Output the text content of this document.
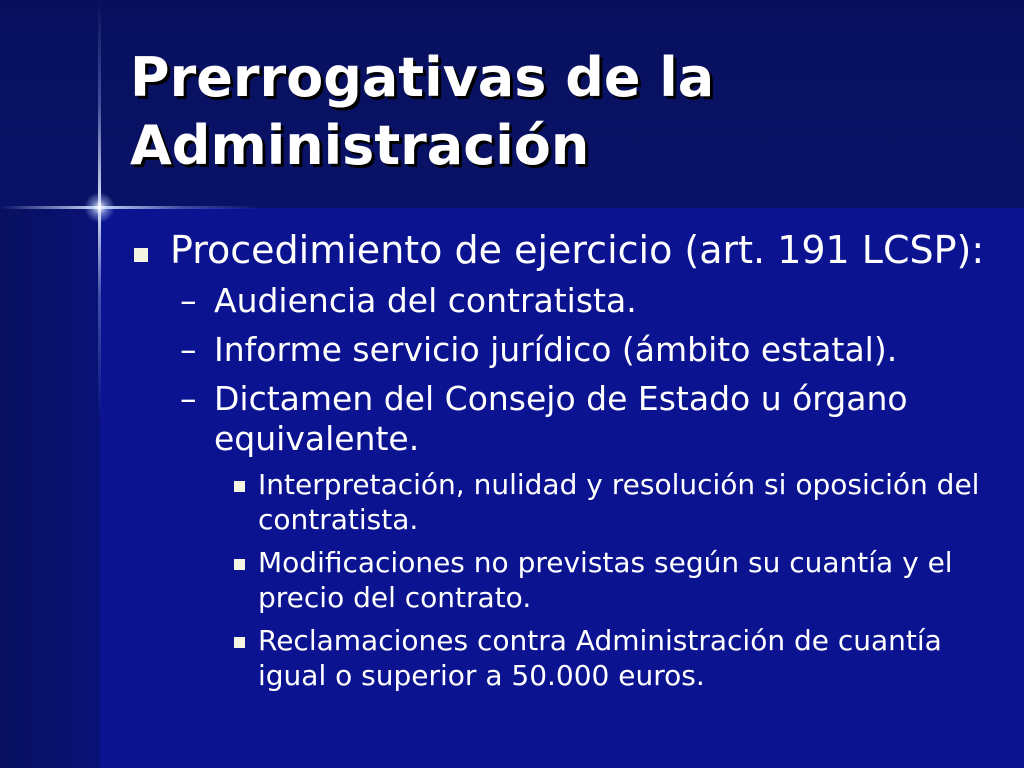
Prerrogativas de la Administración
Procedimiento de ejercicio (art. 191 LCSP):
– Audiencia del contratista.
– Informe servicio jurídico (ámbito estatal).
– Dictamen del Consejo de Estado u órgano equivalente.
Interpretación, nulidad y resolución si oposición del contratista.
Modificaciones no previstas según su cuantía y el precio del contrato.
Reclamaciones contra Administración de cuantía igual o superior a 50.000 euros.
